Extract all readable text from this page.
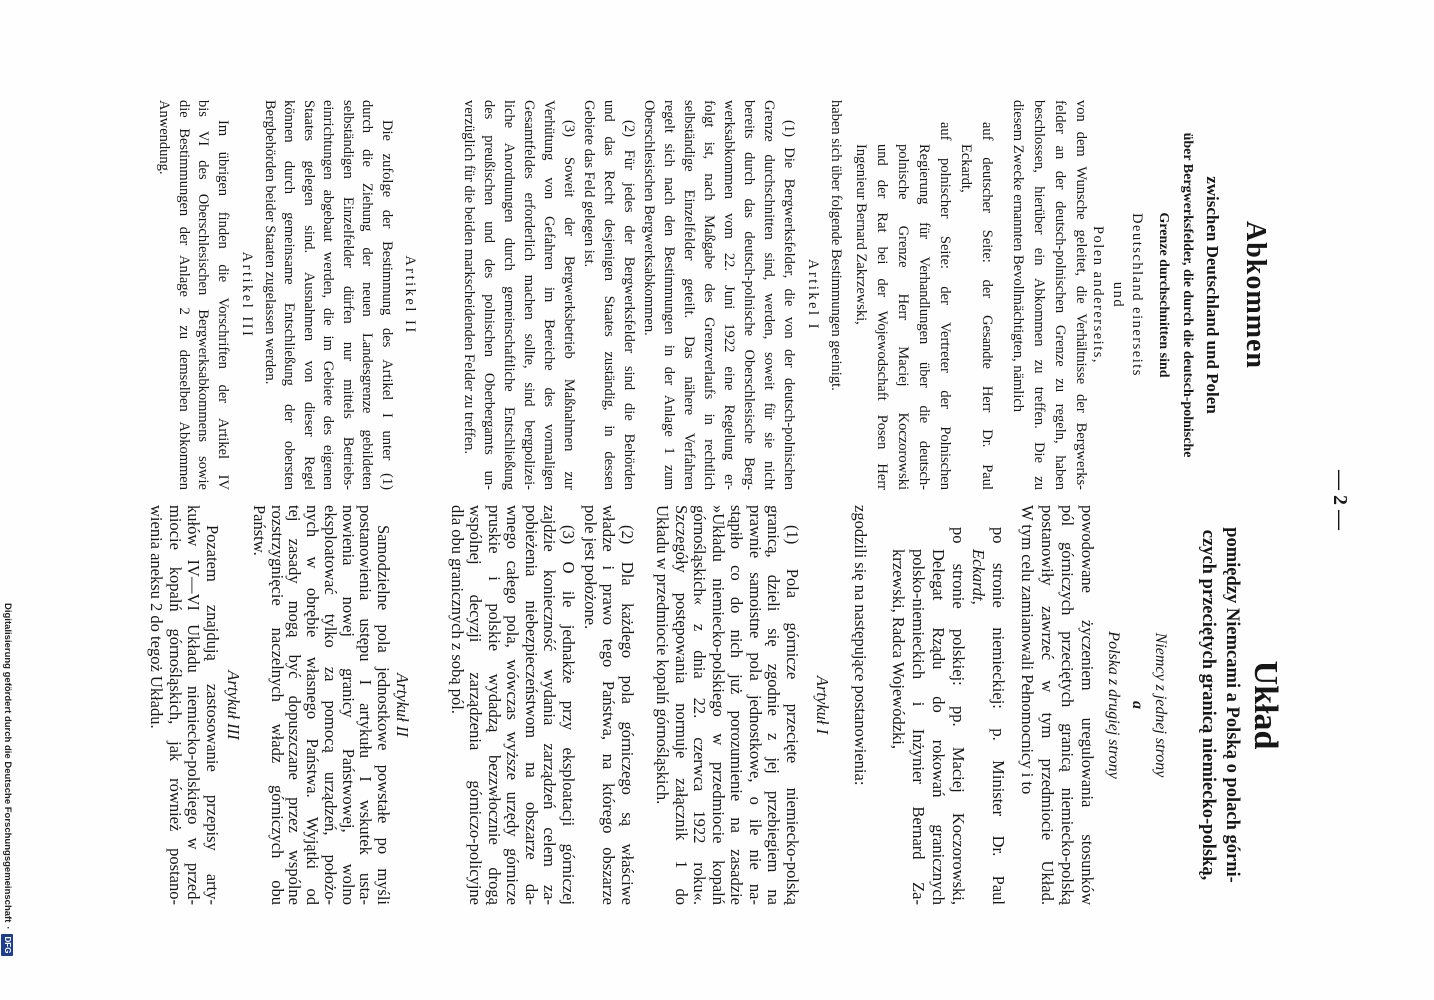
— 2 —
Abkommen
zwischen Deutschland und Polen
über Bergwerksfelder, die durch die deutsch-polnische
Grenze durchschnitten sind
Deutschland einerseits
und
Polen andererseits,
von dem Wunsche geleitet, die Verhältnisse der Bergwerks-
felder an der deutsch-polnischen Grenze zu regeln, haben
beschlossen, hierüber ein Abkommen zu treffen. Die zu
diesem Zwecke ernannten Bevollmächtigten, nämlich
auf deutscher Seite: der Gesandte Herr Dr. Paul
Eckardt,
auf polnischer Seite: der Vertreter der Polnischen
Regierung für Verhandlungen über die deutsch-
polnische Grenze Herr Maciej Koczorowski
und der Rat bei der Wojewodschaft Posen Herr
Ingenieur Bernard Zakrzewski,
haben sich über folgende Bestimmungen geeinigt.
Artikel I
(1) Die Bergwerksfelder, die von der deutsch-polnischen
Grenze durchschnitten sind, werden, soweit für sie nicht
bereits durch das deutsch-polnische Oberschlesische Berg-
werksabkommen vom 22. Juni 1922 eine Regelung er-
folgt ist, nach Maßgabe des Grenzverlaufs in rechtlich
selbständige Einzelfelder geteilt. Das nähere Verfahren
regelt sich nach den Bestimmungen in der Anlage 1 zum
Oberschlesischen Bergwerksabkommen.
(2) Für jedes der Bergwerksfelder sind die Behörden
und das Recht desjenigen Staates zuständig, in dessen
Gebiete das Feld gelegen ist.
(3) Soweit der Bergwerksbetrieb Maßnahmen zur
Verhütung von Gefahren im Bereiche des vormaligen
Gesamtfeldes erforderlich machen sollte, sind bergpolizei-
liche Anordnungen durch gemeinschaftliche Entschließung
des preußischen und des polnischen Oberbergamts un-
verzüglich für die beiden markscheidenden Felder zu treffen.
Artikel II
Die zufolge der Bestimmung des Artikel I unter (1)
durch die Ziehung der neuen Landesgrenze gebildeten
selbständigen Einzelfelder dürfen nur mittels Betriebs-
einrichtungen abgebaut werden, die im Gebiete des eigenen
Staates gelegen sind. Ausnahmen von dieser Regel
können durch gemeinsame Entschließung der obersten
Bergbehörden beider Staaten zugelassen werden.
Artikel III
Im übrigen finden die Vorschriften der Artikel IV
bis VI des Oberschlesischen Bergwerksabkommens sowie
die Bestimmungen der Anlage 2 zu demselben Abkommen
Anwendung.
Układ
pomiędzy Niemcami a Polską o polach górni-
czych przeciętych granicą niemiecko-polską,
Niemcy z jednej strony
a
Polska z drugiej strony
powodowane życzeniem uregulowania stosunków
pól górniczych przeciętych granicą niemiecko-polską
postanowiły zawrzeć w tym przedmiocie Układ.
W tym celu zamianowali Pełnomocnicy i to
po stronie niemieckiej: p. Minister Dr. Paul
Eckardt,
po stronie polskiej: pp. Maciej Koczorowski,
Delegat Rządu do rokowań granicznych
polsko-niemieckich i Inżynier Bernard Za-
krzewski, Radca Wojewódzki,
zgodzili się na następujące postanowienia:
Artykuł I
(1) Pola górnicze przecięte niemiecko-polską
granicą, dzieli się zgodnie z jej przebiegiem na
prawnie samoistne pola jednostkowe, o ile nie na-
stąpiło co do nich już porozumienie na zasadzie
»Układu niemiecko-polskiego w przedmiocie kopalń
górnośląskich« z dnia 22. czerwca 1922 roku«.
Szczegóły postępowania normuje załącznik 1 do
Układu w przedmiocie kopalń górnośląskich.
(2) Dla każdego pola górniczego są właściwe
władze i prawo tego Państwa, na którego obszarze
pole jest położone.
(3) O ile jednakże przy eksploatacji górniczej
zajdzie konieczność wydania zarządzeń celem za-
pobieżenia niebezpieczeństwom na obszarze da-
wnego całego pola, wówczas wyższe urzędy górnicze
pruskie i polskie wydadzą bezzwłocznie drogą
wspólnej decyzji zarządzenia górniczo-policyjne
dla obu granicznych z sobą pól.
Artykuł II
Samodzielne pola jednostkowe powstałe po myśli
postanowienia ustępu I artykułu I wskutek usta-
nowienia nowej granicy Państwowej, wolno
eksploatować tylko za pomocą urządzeń, położo-
nych w obrębie własnego Państwa. Wyjątki od
tej zasady mogą być dopuszczane przez wspólne
rozstrzygnięcie naczelnych władz górniczych obu
Państw.
Artykuł III
Pozatem znajdują zastosowanie przepisy arty-
kułów IV—VI Układu niemiecko-polskiego w przed-
miocie kopalń górnośląskich, jak również postano-
wienia aneksu 2 do tegoż Układu.
Digitalisierung gefördert durch die Deutsche Forschungsgemeinschaft
·
DFG
